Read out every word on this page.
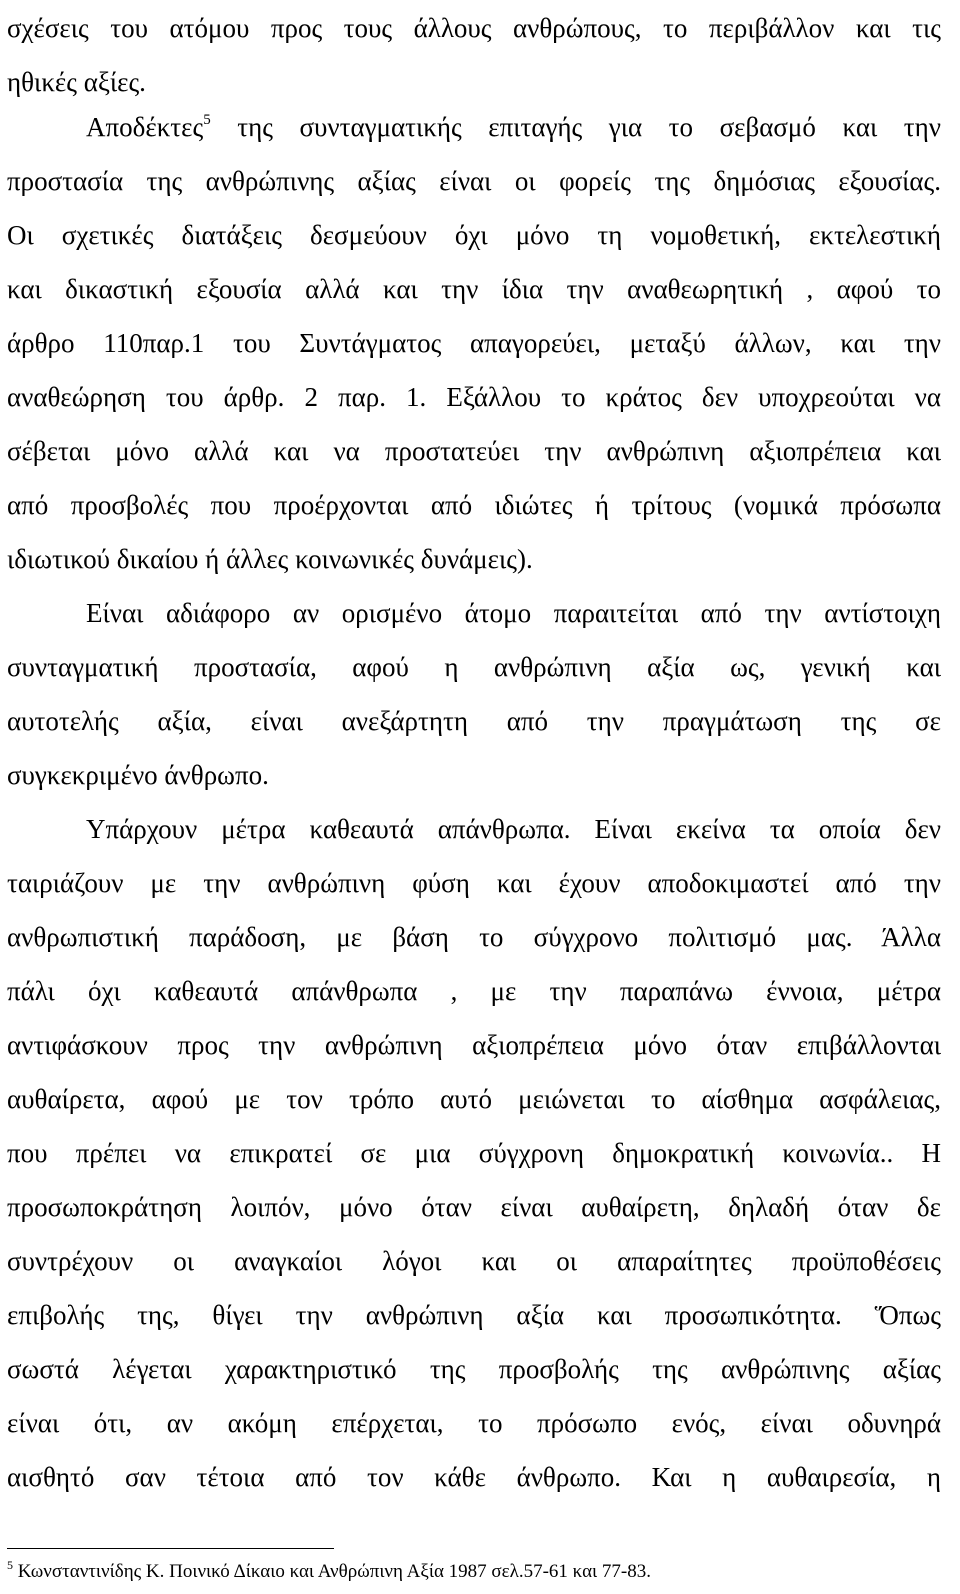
σχέσεις του ατόμου προς τους άλλους ανθρώπους, το περιβάλλον και τις
ηθικές αξίες.
Αποδέκτες$^5$ της συνταγματικής επιταγής για το σεβασμό και την
προστασία της ανθρώπινης αξίας είναι οι φορείς της δημόσιας εξουσίας.
Οι σχετικές διατάξεις δεσμεύουν όχι μόνο τη νομοθετική, εκτελεστική
και δικαστική εξουσία αλλά και την ίδια την αναθεωρητική , αφού το
άρθρο 110παρ.1 του Συντάγματος απαγορεύει, μεταξύ άλλων, και την
αναθεώρηση του άρθρ. 2 παρ. 1. Εξάλλου το κράτος δεν υποχρεούται να
σέβεται μόνο αλλά και να προστατεύει την ανθρώπινη αξιοπρέπεια και
από προσβολές που προέρχονται από ιδιώτες ή τρίτους (νομικά πρόσωπα
ιδιωτικού δικαίου ή άλλες κοινωνικές δυνάμεις).
Είναι αδιάφορο αν ορισμένο άτομο παραιτείται από την αντίστοιχη
συνταγματική προστασία, αφού η ανθρώπινη αξία ως, γενική και
αυτοτελής αξία, είναι ανεξάρτητη από την πραγμάτωση της σε
συγκεκριμένο άνθρωπο.
Υπάρχουν μέτρα καθεαυτά απάνθρωπα. Είναι εκείνα τα οποία δεν
ταιριάζουν με την ανθρώπινη φύση και έχουν αποδοκιμαστεί από την
ανθρωπιστική παράδοση, με βάση το σύγχρονο πολιτισμό μας. Άλλα
πάλι όχι καθεαυτά απάνθρωπα , με την παραπάνω έννοια, μέτρα
αντιφάσκουν προς την ανθρώπινη αξιοπρέπεια μόνο όταν επιβάλλονται
αυθαίρετα, αφού με τον τρόπο αυτό μειώνεται το αίσθημα ασφάλειας,
που πρέπει να επικρατεί σε μια σύγχρονη δημοκρατική κοινωνία.. Η
προσωποκράτηση λοιπόν, μόνο όταν είναι αυθαίρετη, δηλαδή όταν δε
συντρέχουν οι αναγκαίοι λόγοι και οι απαραίτητες προϋποθέσεις
επιβολής της, θίγει την ανθρώπινη αξία και προσωπικότητα. Ὅπως
σωστά λέγεται χαρακτηριστικό της προσβολής της ανθρώπινης αξίας
είναι ότι, αν ακόμη επέρχεται, το πρόσωπο ενός, είναι οδυνηρά
αισθητό σαν τέτοια από τον κάθε άνθρωπο. Και η αυθαιρεσία, η
$^5$ Κωνσταντινίδης Κ. Ποινικό Δίκαιο και Ανθρώπινη Αξία 1987 σελ.57-61 και 77-83.
